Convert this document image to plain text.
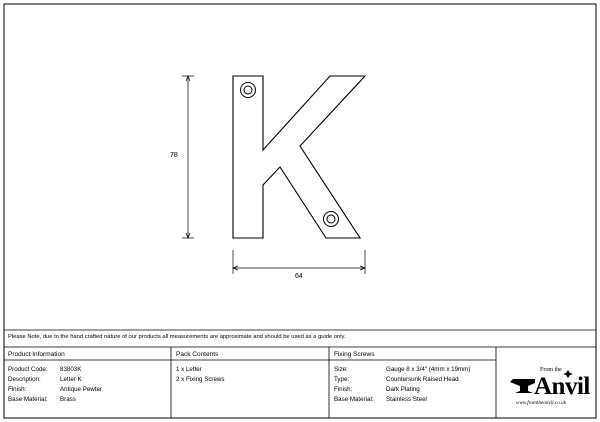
78
64
Please Note, due to the hand crafted nature of our products all measurements are approximate and should be used as a guide only.
Product Information
Product Code: 83803K
Description:	Letter K
Finish:	Antique Pewter
Base Material: Brass
Pack Contents
1 x Letter
2 x Fixing Screws
Fixing Screws
Size:	Gauge 8 x 3/4" (4mm x 19mm)
Type:	Countersunk Raised Head
Finish:	Dark Plating
Base Material: Stainless Steel
From the
Anvil
www.fromtheanvil.co.uk
